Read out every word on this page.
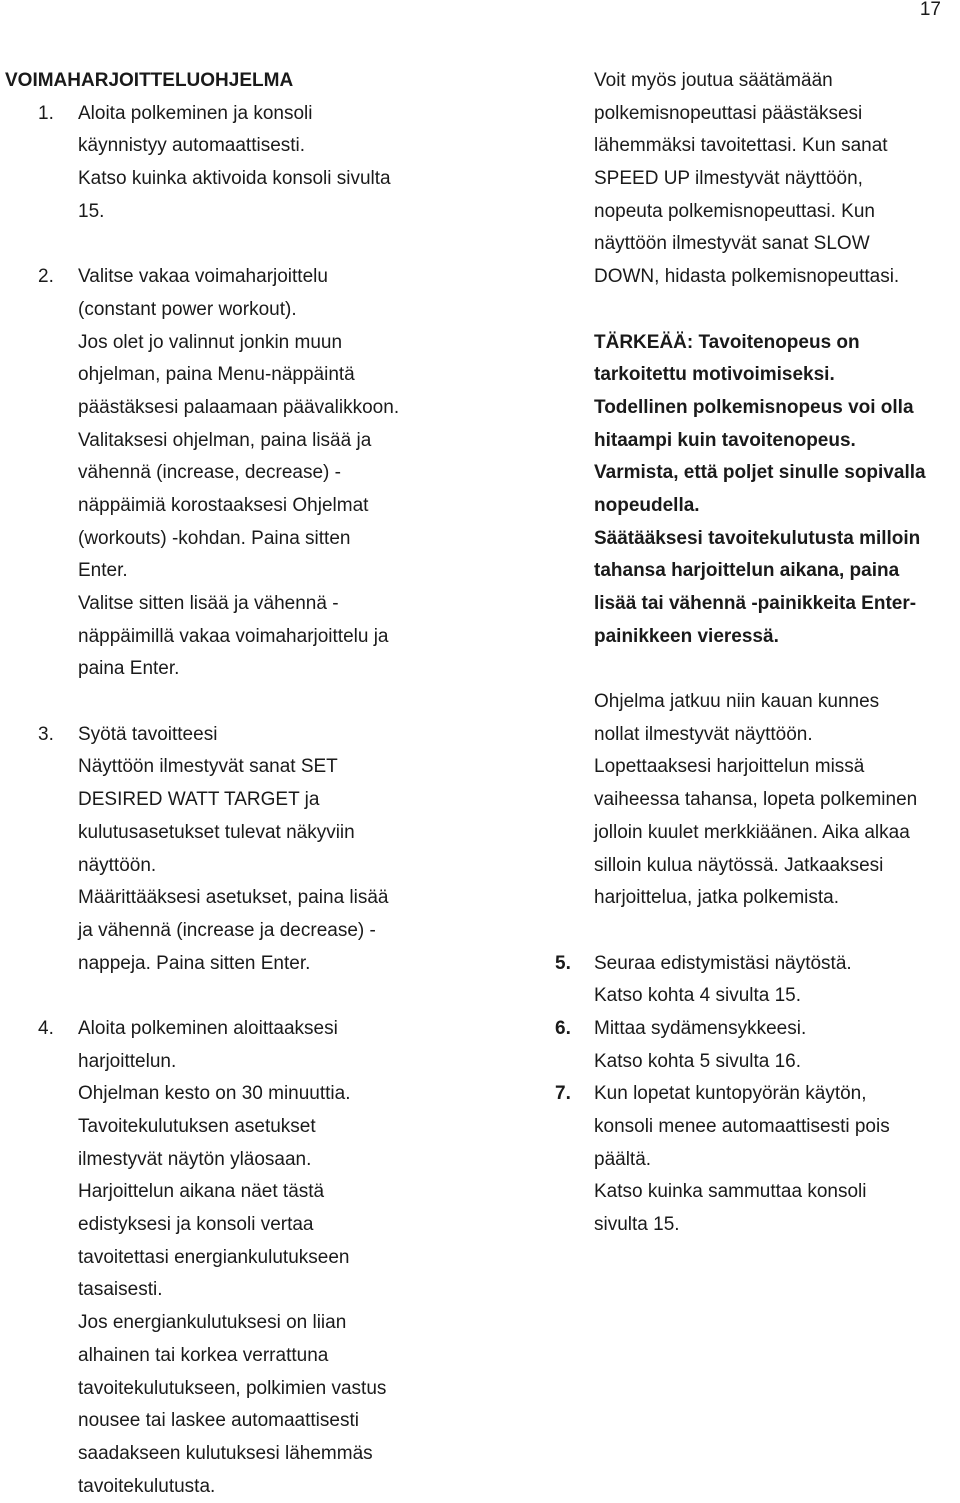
17
VOIMAHARJOITTELUOHJELMA
1. Aloita polkeminen ja konsoli
käynnistyy automaattisesti.
Katso kuinka aktivoida konsoli sivulta
15.
2. Valitse vakaa voimaharjoittelu
(constant power workout).
Jos olet jo valinnut jonkin muun
ohjelman, paina Menu-näppäintä
päästäksesi palaamaan päävalikkoon.
Valitaksesi ohjelman, paina lisää ja
vähennä (increase, decrease) -
näppäimiä korostaaksesi Ohjelmat
(workouts) -kohdan. Paina sitten
Enter.
Valitse sitten lisää ja vähennä -
näppäimillä vakaa voimaharjoittelu ja
paina Enter.
3. Syötä tavoitteesi
Näyttöön ilmestyvät sanat SET
DESIRED WATT TARGET ja
kulutusasetukset tulevat näkyviin
näyttöön.
Määrittääksesi asetukset, paina lisää
ja vähennä (increase ja decrease) -
nappeja. Paina sitten Enter.
4. Aloita polkeminen aloittaaksesi
harjoittelun.
Ohjelman kesto on 30 minuuttia.
Tavoitekulutuksen asetukset
ilmestyvät näytön yläosaan.
Harjoittelun aikana näet tästä
edistyksesi ja konsoli vertaa
tavoitettasi energiankulutukseen
tasaisesti.
Jos energiankulutuksesi on liian
alhainen tai korkea verrattuna
tavoitekulutukseen, polkimien vastus
nousee tai laskee automaattisesti
saadakseen kulutuksesi lähemmäs
tavoitekulutusta.
Voit myös joutua säätämään
polkemisnopeuttasi päästäksesi
lähemmäksi tavoitettasi. Kun sanat
SPEED UP ilmestyvät näyttöön,
nopeuta polkemisnopeuttasi. Kun
näyttöön ilmestyvät sanat SLOW
DOWN, hidasta polkemisnopeuttasi.
TÄRKEÄÄ: Tavoitenopeus on
tarkoitettu motivoimiseksi.
Todellinen polkemisnopeus voi olla
hitaampi kuin tavoitenopeus.
Varmista, että poljet sinulle sopivalla
nopeudella.
Säätääksesi tavoitekulutusta milloin
tahansa harjoittelun aikana, paina
lisää tai vähennä -painikkeita Enter-
painikkeen vieressä.
Ohjelma jatkuu niin kauan kunnes
nollat ilmestyvät näyttöön.
Lopettaaksesi harjoittelun missä
vaiheessa tahansa, lopeta polkeminen
jolloin kuulet merkkiäänen. Aika alkaa
silloin kulua näytössä. Jatkaaksesi
harjoittelua, jatka polkemista.
5. Seuraa edistymistäsi näytöstä.
Katso kohta 4 sivulta 15.
6. Mittaa sydämensykkeesi.
Katso kohta 5 sivulta 16.
7. Kun lopetat kuntopyörän käytön,
konsoli menee automaattisesti pois
päältä.
Katso kuinka sammuttaa konsoli
sivulta 15.
